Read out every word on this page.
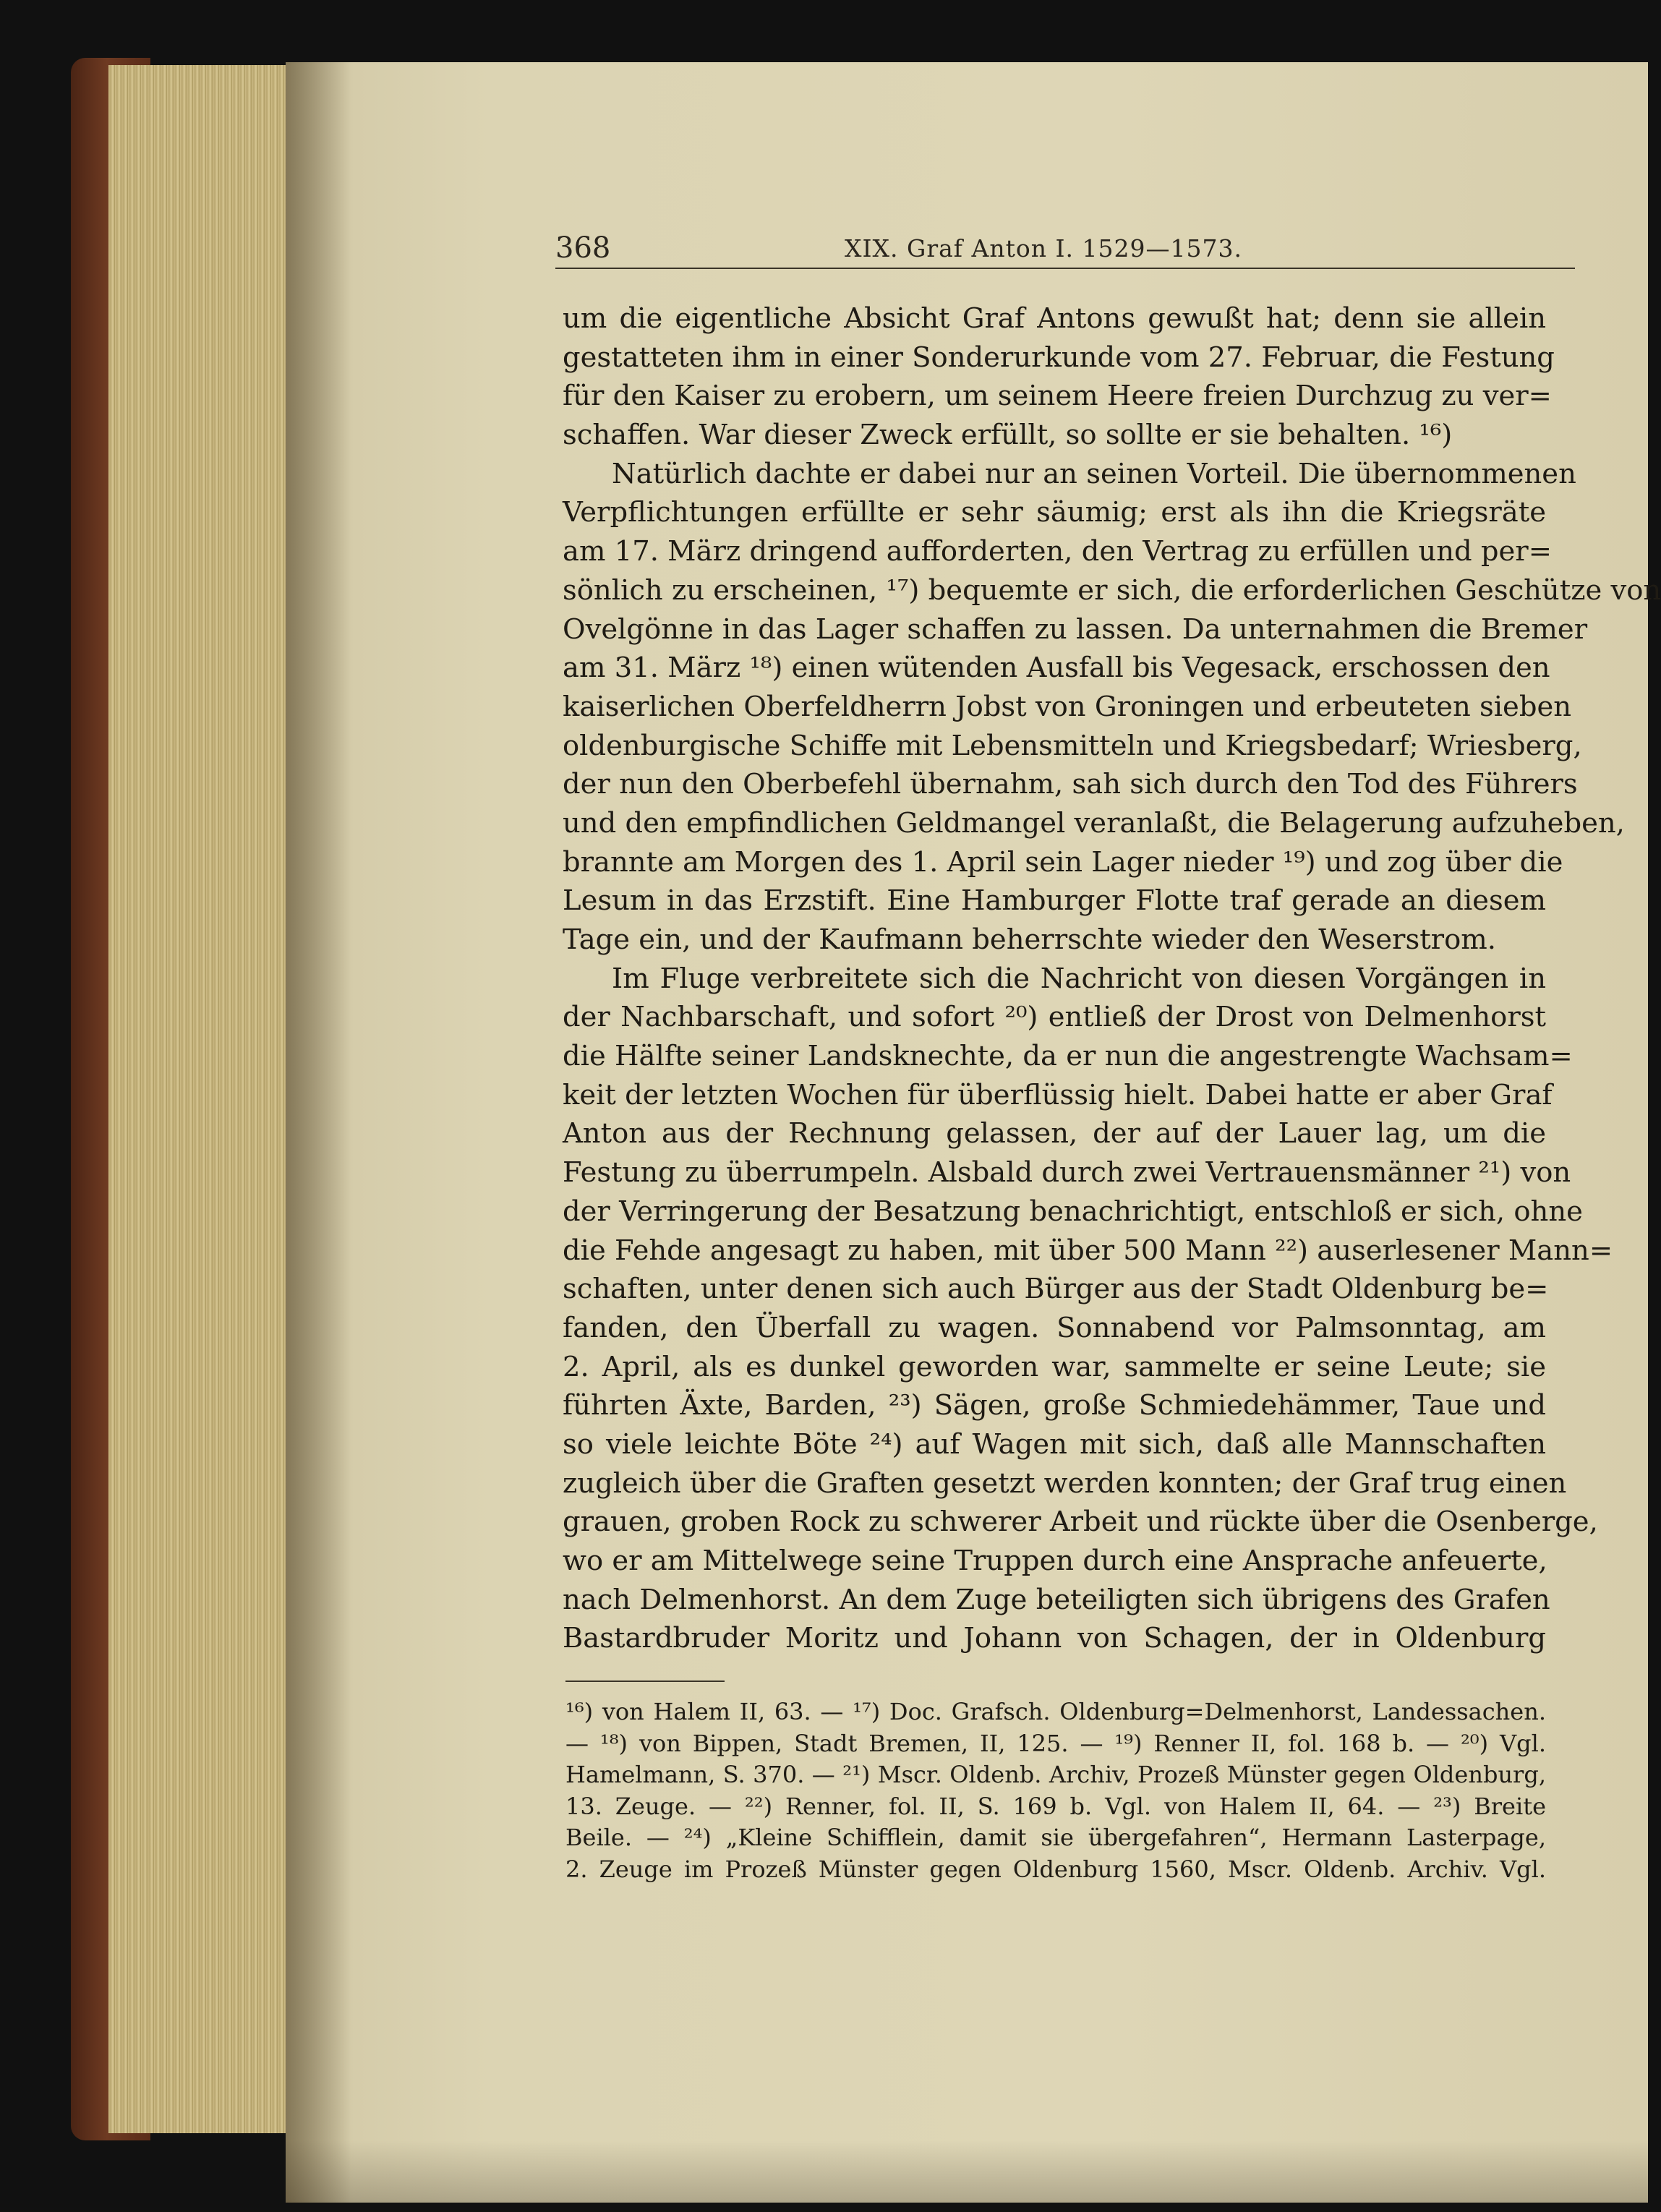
368	XIX. Graf Anton I. 1529—1573.
um die eigentliche Absicht Graf Antons gewußt hat; denn sie allein
gestatteten ihm in einer Sonderurkunde vom 27. Februar, die Festung
für den Kaiser zu erobern, um seinem Heere freien Durchzug zu ver=
schaffen. War dieser Zweck erfüllt, so sollte er sie behalten. ¹⁶)
Natürlich dachte er dabei nur an seinen Vorteil. Die übernommenen
Verpflichtungen erfüllte er sehr säumig; erst als ihn die Kriegsräte
am 17. März dringend aufforderten, den Vertrag zu erfüllen und per=
sönlich zu erscheinen, ¹⁷) bequemte er sich, die erforderlichen Geschütze von
Ovelgönne in das Lager schaffen zu lassen. Da unternahmen die Bremer
am 31. März ¹⁸) einen wütenden Ausfall bis Vegesack, erschossen den
kaiserlichen Oberfeldherrn Jobst von Groningen und erbeuteten sieben
oldenburgische Schiffe mit Lebensmitteln und Kriegsbedarf; Wriesberg,
der nun den Oberbefehl übernahm, sah sich durch den Tod des Führers
und den empfindlichen Geldmangel veranlaßt, die Belagerung aufzuheben,
brannte am Morgen des 1. April sein Lager nieder ¹⁹) und zog über die
Lesum in das Erzstift. Eine Hamburger Flotte traf gerade an diesem
Tage ein, und der Kaufmann beherrschte wieder den Weserstrom.
Im Fluge verbreitete sich die Nachricht von diesen Vorgängen in
der Nachbarschaft, und sofort ²⁰) entließ der Drost von Delmenhorst
die Hälfte seiner Landsknechte, da er nun die angestrengte Wachsam=
keit der letzten Wochen für überflüssig hielt. Dabei hatte er aber Graf
Anton aus der Rechnung gelassen, der auf der Lauer lag, um die
Festung zu überrumpeln. Alsbald durch zwei Vertrauensmänner ²¹) von
der Verringerung der Besatzung benachrichtigt, entschloß er sich, ohne
die Fehde angesagt zu haben, mit über 500 Mann ²²) auserlesener Mann=
schaften, unter denen sich auch Bürger aus der Stadt Oldenburg be=
fanden, den Überfall zu wagen. Sonnabend vor Palmsonntag, am
2. April, als es dunkel geworden war, sammelte er seine Leute; sie
führten Äxte, Barden, ²³) Sägen, große Schmiedehämmer, Taue und
so viele leichte Böte ²⁴) auf Wagen mit sich, daß alle Mannschaften
zugleich über die Graften gesetzt werden konnten; der Graf trug einen
grauen, groben Rock zu schwerer Arbeit und rückte über die Osenberge,
wo er am Mittelwege seine Truppen durch eine Ansprache anfeuerte,
nach Delmenhorst. An dem Zuge beteiligten sich übrigens des Grafen
Bastardbruder Moritz und Johann von Schagen, der in Oldenburg
¹⁶) von Halem II, 63. — ¹⁷) Doc. Grafsch. Oldenburg=Delmenhorst, Landessachen.
— ¹⁸) von Bippen, Stadt Bremen, II, 125. — ¹⁹) Renner II, fol. 168 b. — ²⁰) Vgl.
Hamelmann, S. 370. — ²¹) Mscr. Oldenb. Archiv, Prozeß Münster gegen Oldenburg,
13. Zeuge. — ²²) Renner, fol. II, S. 169 b. Vgl. von Halem II, 64. — ²³) Breite
Beile. — ²⁴) „Kleine Schifflein, damit sie übergefahren“, Hermann Lasterpage,
2. Zeuge im Prozeß Münster gegen Oldenburg 1560, Mscr. Oldenb. Archiv. Vgl.
